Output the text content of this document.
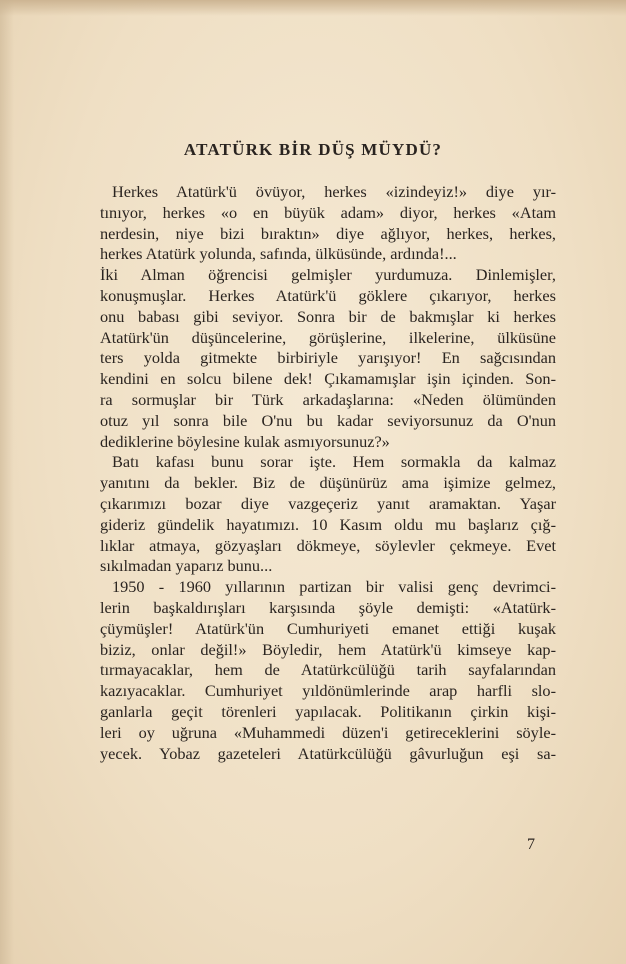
ATATÜRK BİR DÜŞ MÜYDÜ?
Herkes Atatürk'ü övüyor, herkes «izindeyiz!» diye yır-
tınıyor, herkes «o en büyük adam» diyor, herkes «Atam
nerdesin, niye bizi bıraktın» diye ağlıyor, herkes, herkes,
herkes Atatürk yolunda, safında, ülküsünde, ardında!...
İki Alman öğrencisi gelmişler yurdumuza. Dinlemişler,
konuşmuşlar. Herkes Atatürk'ü göklere çıkarıyor, herkes
onu babası gibi seviyor. Sonra bir de bakmışlar ki herkes
Atatürk'ün düşüncelerine, görüşlerine, ilkelerine, ülküsüne
ters yolda gitmekte birbiriyle yarışıyor! En sağcısından
kendini en solcu bilene dek! Çıkamamışlar işin içinden. Son-
ra sormuşlar bir Türk arkadaşlarına: «Neden ölümünden
otuz yıl sonra bile O'nu bu kadar seviyorsunuz da O'nun
dediklerine böylesine kulak asmıyorsunuz?»
Batı kafası bunu sorar işte. Hem sormakla da kalmaz
yanıtını da bekler. Biz de düşünürüz ama işimize gelmez,
çıkarımızı bozar diye vazgeçeriz yanıt aramaktan. Yaşar
gideriz gündelik hayatımızı. 10 Kasım oldu mu başlarız çığ-
lıklar atmaya, gözyaşları dökmeye, söylevler çekmeye. Evet
sıkılmadan yaparız bunu...
1950 - 1960 yıllarının partizan bir valisi genç devrimci-
lerin başkaldırışları karşısında şöyle demişti: «Atatürk-
çüymüşler! Atatürk'ün Cumhuriyeti emanet ettiği kuşak
biziz, onlar değil!» Böyledir, hem Atatürk'ü kimseye kap-
tırmayacaklar, hem de Atatürkcülüğü tarih sayfalarından
kazıyacaklar. Cumhuriyet yıldönümlerinde arap harfli slo-
ganlarla geçit törenleri yapılacak. Politikanın çirkin kişi-
leri oy uğruna «Muhammedi düzen'i getireceklerini söyle-
yecek. Yobaz gazeteleri Atatürkcülüğü gâvurluğun eşi sa-
7
